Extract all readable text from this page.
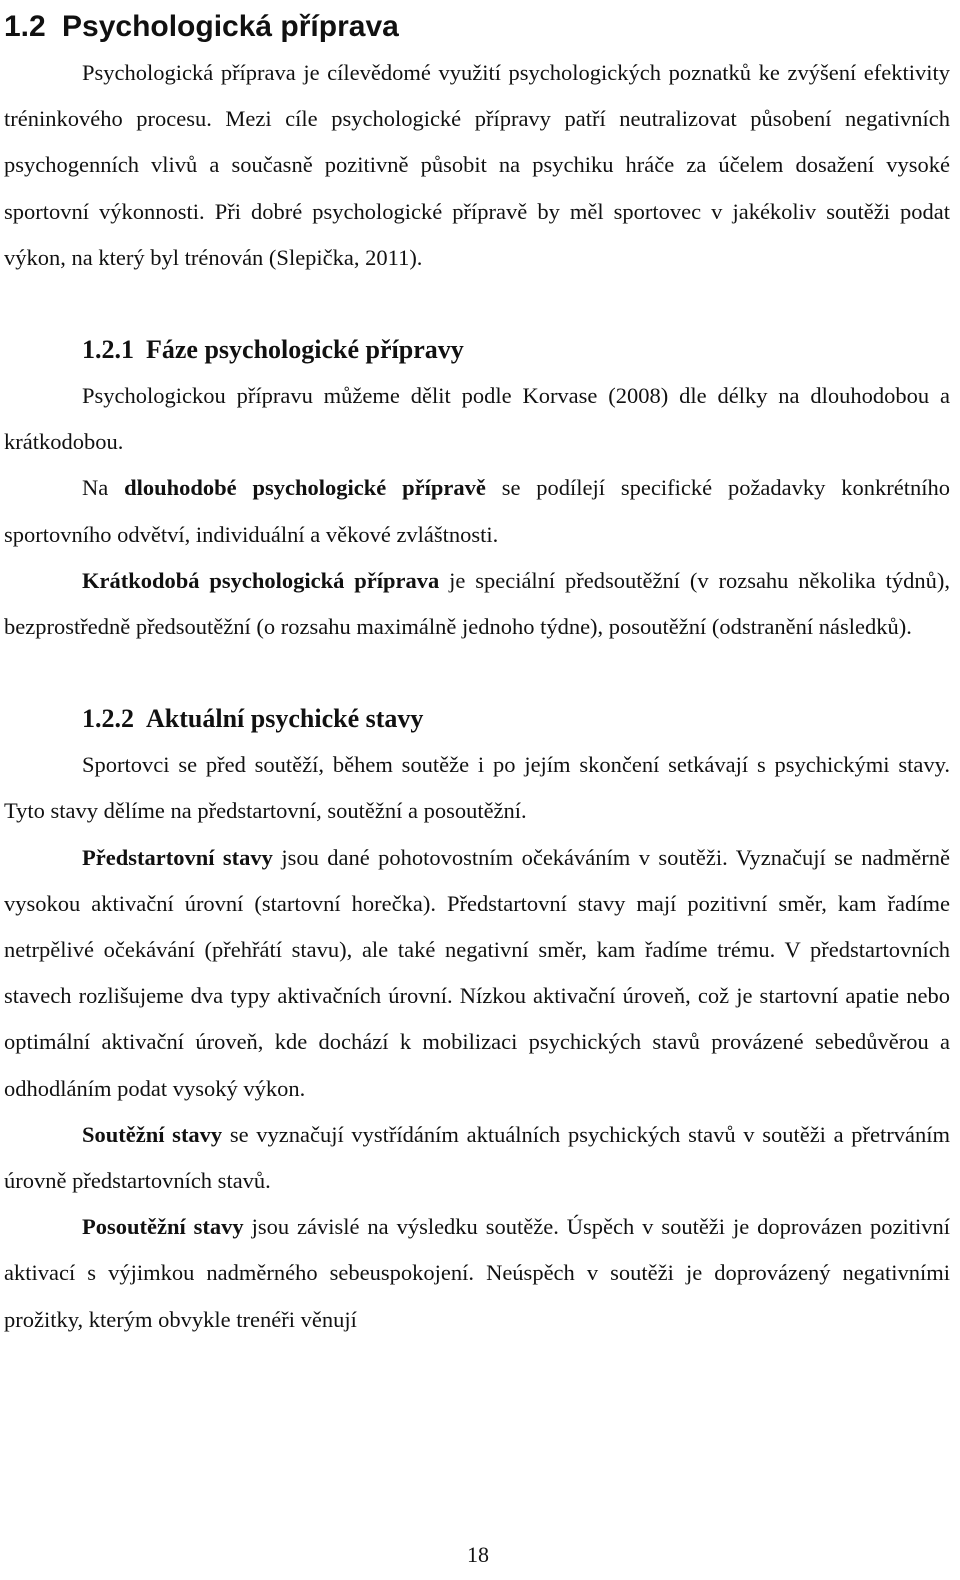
1.2 Psychologická příprava

Psychologická příprava je cílevědomé využití psychologických poznatků ke zvýšení efektivity tréninkového procesu. Mezi cíle psychologické přípravy patří neutralizovat působení negativních psychogenních vlivů a současně pozitivně působit na psychiku hráče za účelem dosažení vysoké sportovní výkonnosti. Při dobré psychologické přípravě by měl sportovec v jakékoliv soutěži podat výkon, na který byl trénován (Slepička, 2011).

1.2.1 Fáze psychologické přípravy

Psychologickou přípravu můžeme dělit podle Korvase (2008) dle délky na dlouhodobou a krátkodobou.

Na dlouhodobé psychologické přípravě se podílejí specifické požadavky konkrétního sportovního odvětví, individuální a věkové zvláštnosti.

Krátkodobá psychologická příprava je speciální předsoutěžní (v rozsahu několika týdnů), bezprostředně předsoutěžní (o rozsahu maximálně jednoho týdne), posoutěžní (odstranění následků).

1.2.2 Aktuální psychické stavy

Sportovci se před soutěží, během soutěže i po jejím skončení setkávají s psychickými stavy. Tyto stavy dělíme na předstartovní, soutěžní a posoutěžní.

Předstartovní stavy jsou dané pohotovostním očekáváním v soutěži. Vyznačují se nadměrně vysokou aktivační úrovní (startovní horečka). Předstartovní stavy mají pozitivní směr, kam řadíme netrpělivé očekávání (přehřátí stavu), ale také negativní směr, kam řadíme trému. V předstartovních stavech rozlišujeme dva typy aktivačních úrovní. Nízkou aktivační úroveň, což je startovní apatie nebo optimální aktivační úroveň, kde dochází k mobilizaci psychických stavů provázené sebedůvěrou a odhodláním podat vysoký výkon.

Soutěžní stavy se vyznačují vystřídáním aktuálních psychických stavů v soutěži a přetrváním úrovně předstartovních stavů.

Posoutěžní stavy jsou závislé na výsledku soutěže. Úspěch v soutěži je doprovázen pozitivní aktivací s výjimkou nadměrného sebeuspokojení. Neúspěch v soutěži je doprovázený negativními prožitky, kterým obvykle trenéři věnují

18
